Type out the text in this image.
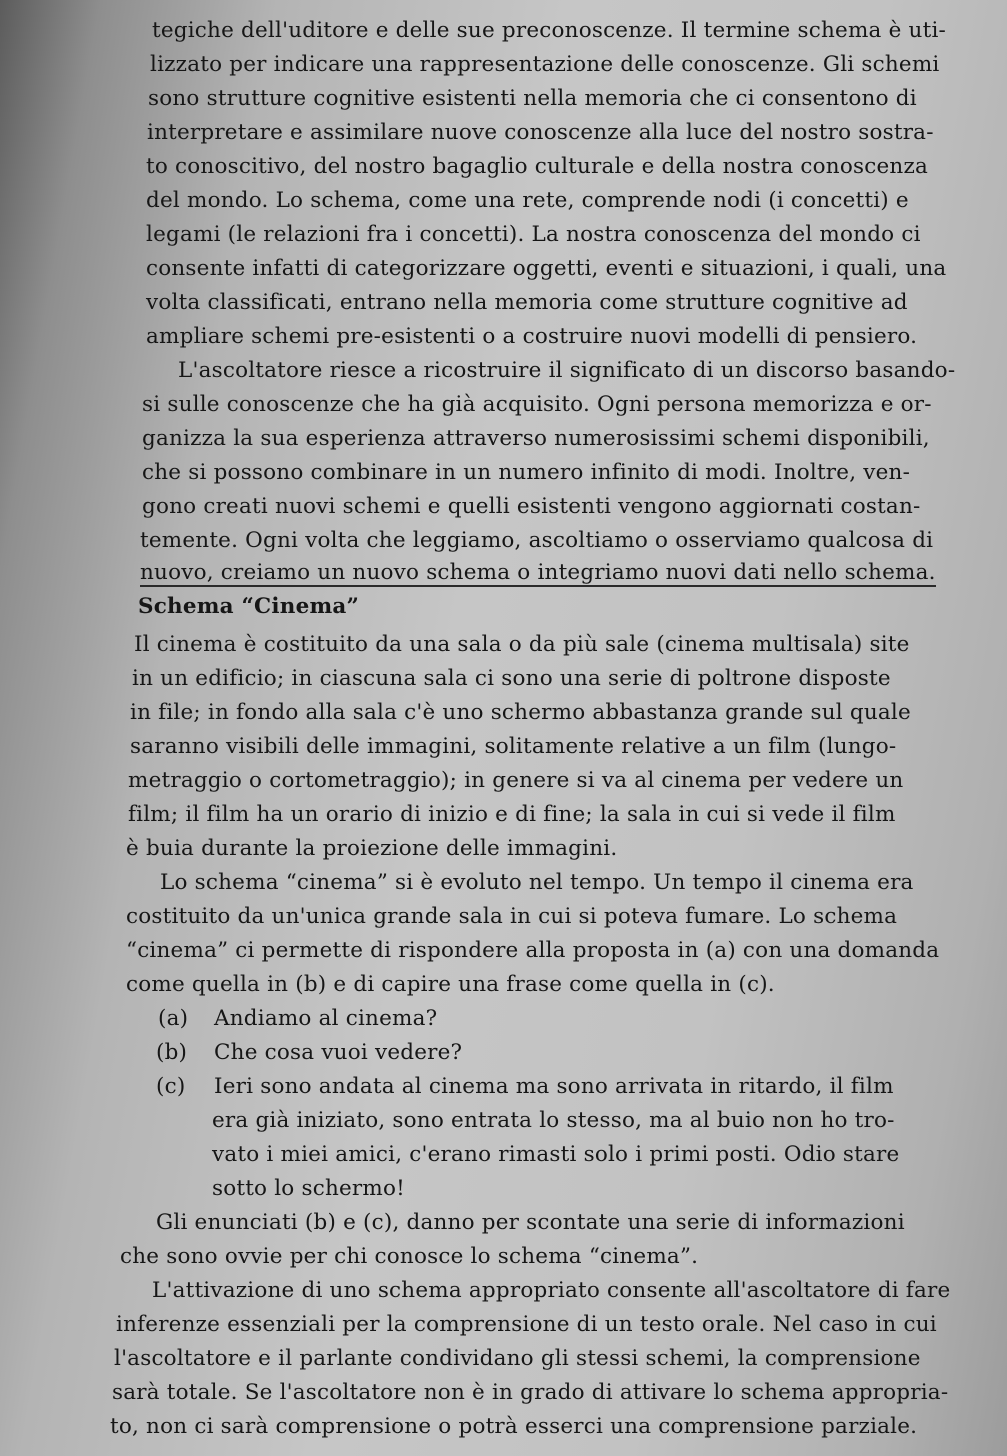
tegiche dell'uditore e delle sue preconoscenze. Il termine schema è uti-
lizzato per indicare una rappresentazione delle conoscenze. Gli schemi
sono strutture cognitive esistenti nella memoria che ci consentono di
interpretare e assimilare nuove conoscenze alla luce del nostro sostra-
to conoscitivo, del nostro bagaglio culturale e della nostra conoscenza
del mondo. Lo schema, come una rete, comprende nodi (i concetti) e
legami (le relazioni fra i concetti). La nostra conoscenza del mondo ci
consente infatti di categorizzare oggetti, eventi e situazioni, i quali, una
volta classificati, entrano nella memoria come strutture cognitive ad
ampliare schemi pre-esistenti o a costruire nuovi modelli di pensiero.
L'ascoltatore riesce a ricostruire il significato di un discorso basando-
si sulle conoscenze che ha già acquisito. Ogni persona memorizza e or-
ganizza la sua esperienza attraverso numerosissimi schemi disponibili,
che si possono combinare in un numero infinito di modi. Inoltre, ven-
gono creati nuovi schemi e quelli esistenti vengono aggiornati costan-
temente. Ogni volta che leggiamo, ascoltiamo o osserviamo qualcosa di
nuovo, creiamo un nuovo schema o integriamo nuovi dati nello schema.
Schema “Cinema”
Il cinema è costituito da una sala o da più sale (cinema multisala) site
in un edificio; in ciascuna sala ci sono una serie di poltrone disposte
in file; in fondo alla sala c'è uno schermo abbastanza grande sul quale
saranno visibili delle immagini, solitamente relative a un film (lungo-
metraggio o cortometraggio); in genere si va al cinema per vedere un
film; il film ha un orario di inizio e di fine; la sala in cui si vede il film
è buia durante la proiezione delle immagini.
Lo schema “cinema” si è evoluto nel tempo. Un tempo il cinema era
costituito da un'unica grande sala in cui si poteva fumare. Lo schema
“cinema” ci permette di rispondere alla proposta in (a) con una domanda
come quella in (b) e di capire una frase come quella in (c).
(a) Andiamo al cinema?
(b) Che cosa vuoi vedere?
(c) Ieri sono andata al cinema ma sono arrivata in ritardo, il film
era già iniziato, sono entrata lo stesso, ma al buio non ho tro-
vato i miei amici, c'erano rimasti solo i primi posti. Odio stare
sotto lo schermo!
Gli enunciati (b) e (c), danno per scontate una serie di informazioni
che sono ovvie per chi conosce lo schema “cinema”.
L'attivazione di uno schema appropriato consente all'ascoltatore di fare
inferenze essenziali per la comprensione di un testo orale. Nel caso in cui
l'ascoltatore e il parlante condividano gli stessi schemi, la comprensione
sarà totale. Se l'ascoltatore non è in grado di attivare lo schema appropria-
to, non ci sarà comprensione o potrà esserci una comprensione parziale.
